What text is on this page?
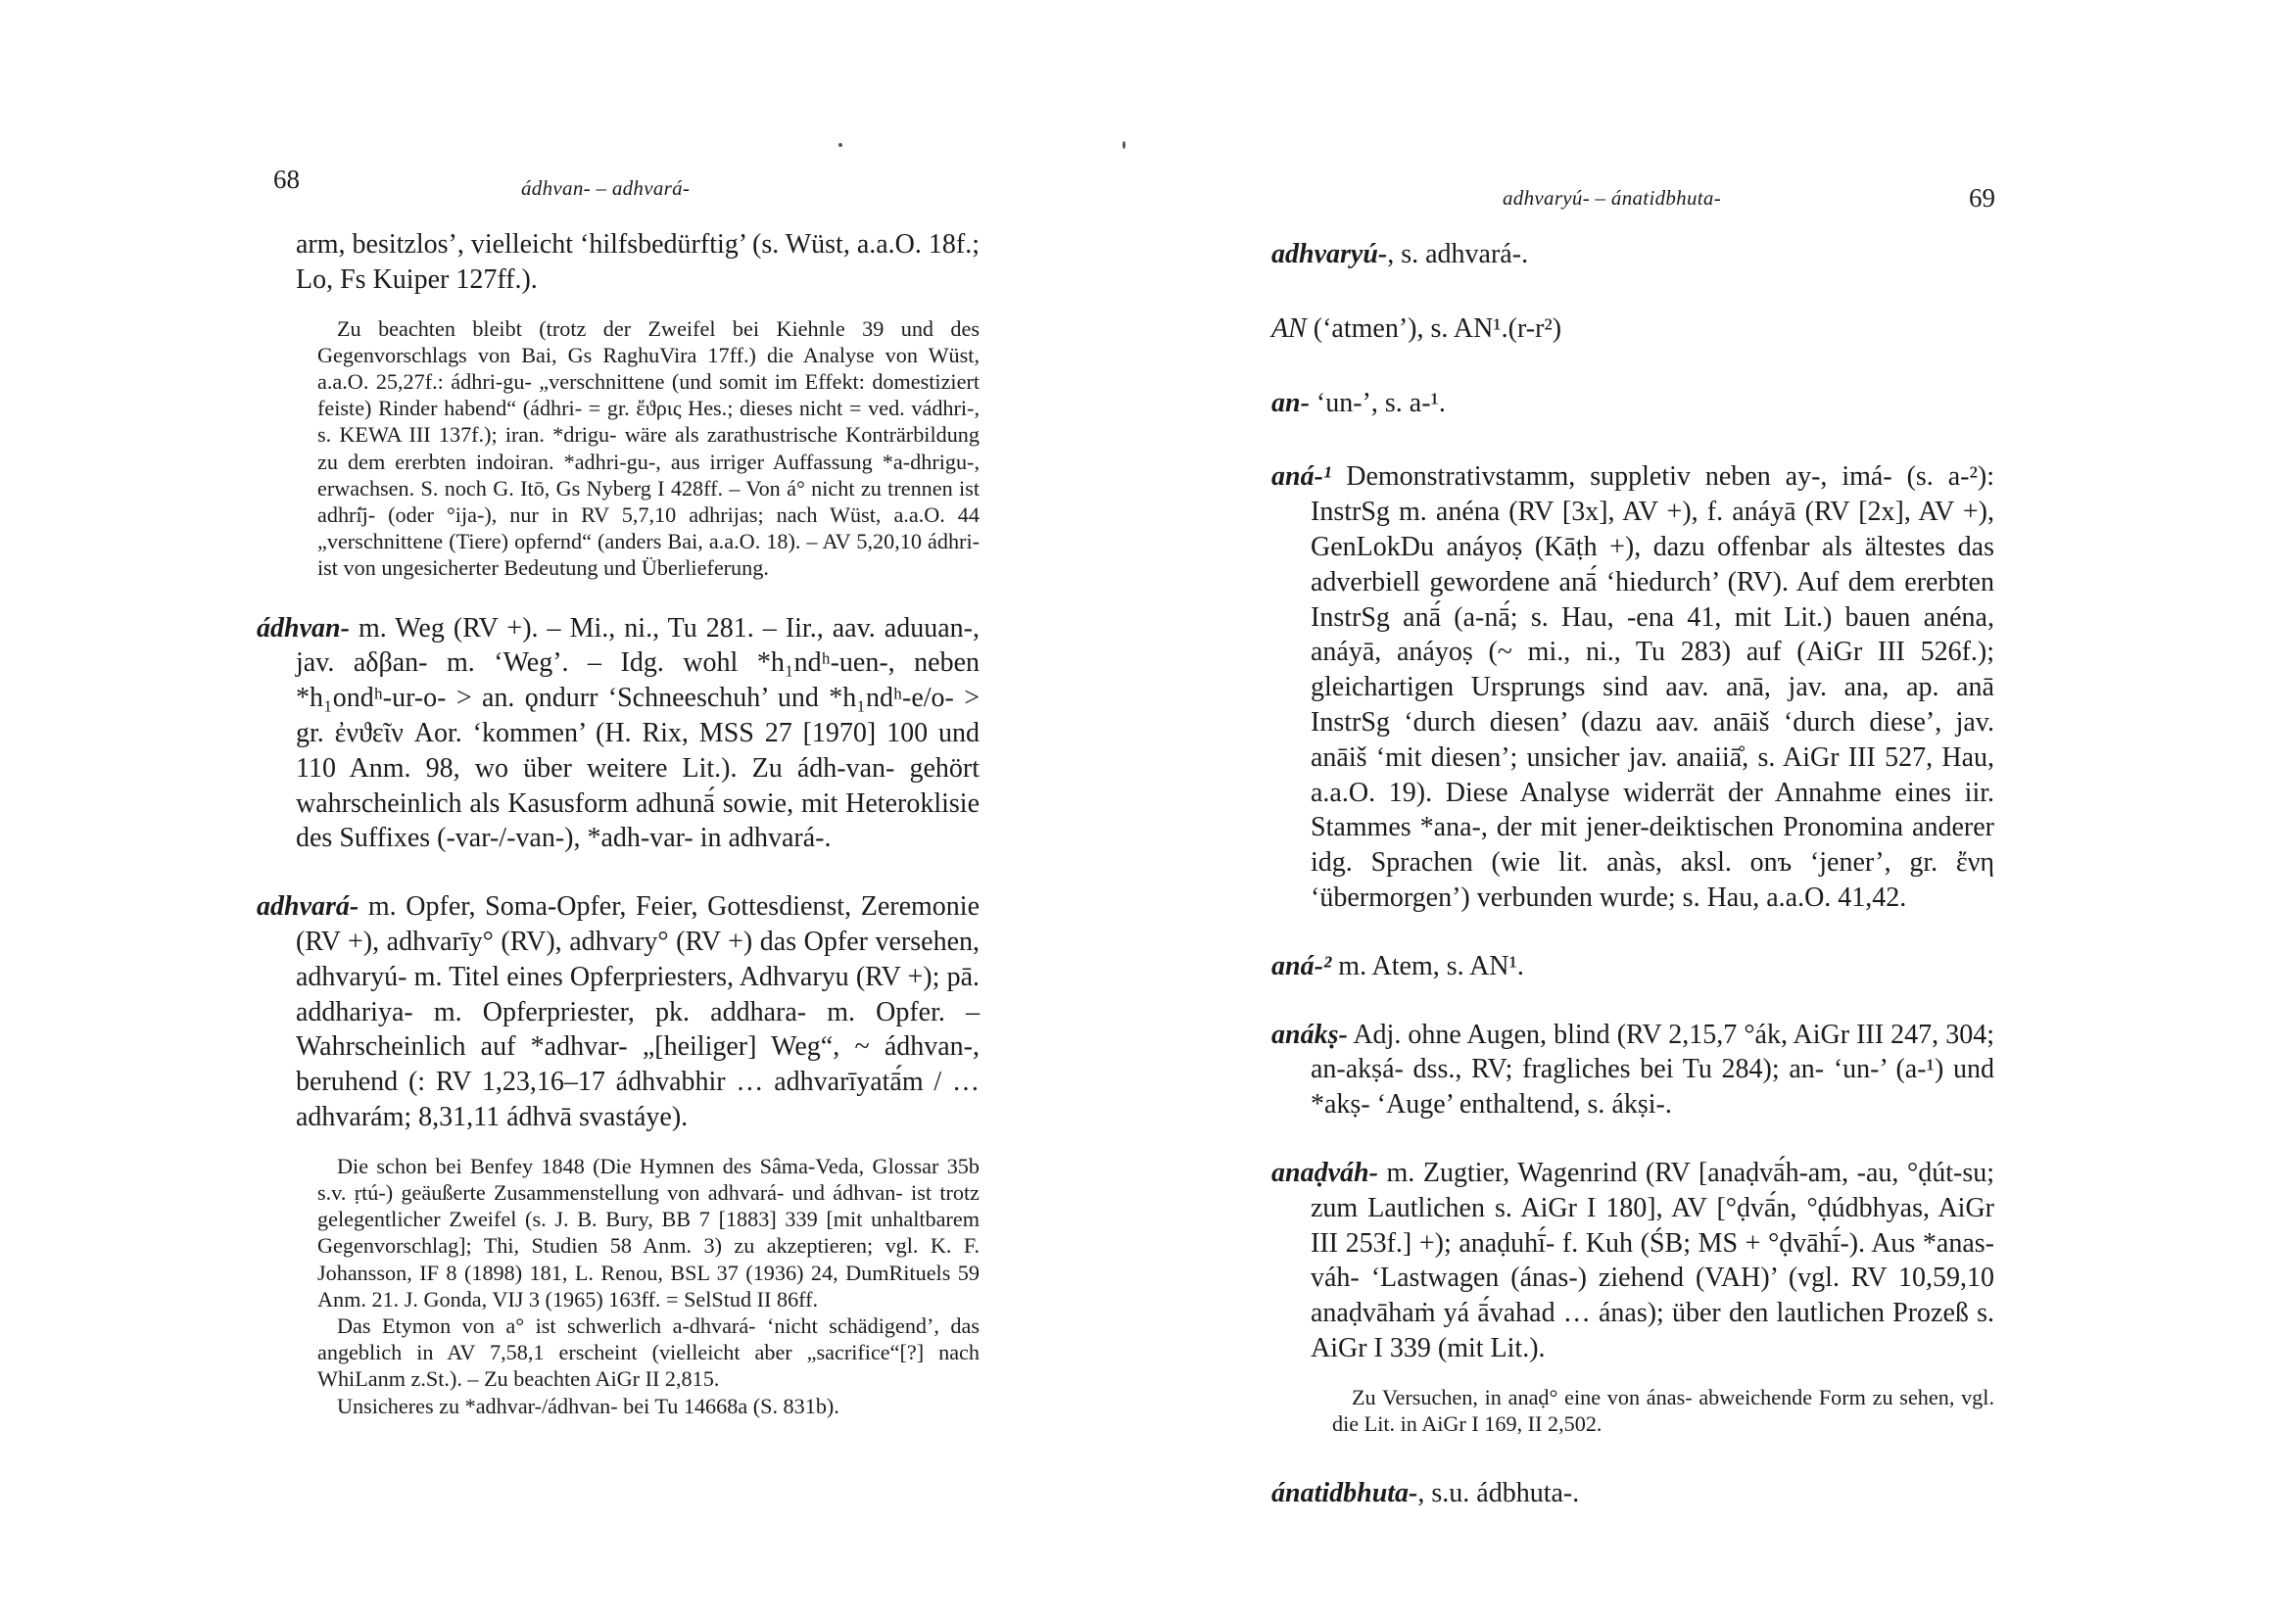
68	ádhvan- – adhvará-

arm, besitzlos’, vielleicht ‘hilfsbedürftig’ (s. Wüst, a.a.O. 18f.; Lo, Fs Kuiper 127ff.).

Zu beachten bleibt (trotz der Zweifel bei Kiehnle 39 und des Gegenvorschlags von Bai, Gs RaghuVira 17ff.) die Analyse von Wüst, a.a.O. 25,27f.: ádhri-gu- „verschnittene (und somit im Effekt: domestiziert feiste) Rinder habend“ (ádhri- = gr. ἔϑρις Hes.; dieses nicht = ved. vádhri-, s. KEWA III 137f.); iran. *drigu- wäre als zarathustrische Konträrbildung zu dem ererbten indoiran. *adhri-gu-, aus irriger Auffassung *a-dhrigu-, erwachsen. S. noch G. Itō, Gs Nyberg I 428ff. – Von á° nicht zu trennen ist adhrí̄j- (oder °ija-), nur in RV 5,7,10 adhrijas; nach Wüst, a.a.O. 44 „verschnittene (Tiere) opfernd“ (anders Bai, a.a.O. 18). – AV 5,20,10 ádhri- ist von ungesicherter Bedeutung und Überlieferung.

ádhvan- m. Weg (RV +). – Mi., ni., Tu 281. – Iir., aav. aduuan-, jav. aδβan- m. ‘Weg’. – Idg. wohl *h₁ndʰ-uen-, neben *h₁ondʰ-ur-o- > an. ǫndurr ‘Schneeschuh’ und *h₁ndʰ-e/o- > gr. ἐνϑεῖν Aor. ‘kommen’ (H. Rix, MSS 27 [1970] 100 und 110 Anm. 98, wo über weitere Lit.). Zu ádh-van- gehört wahrscheinlich als Kasusform adhunā́ sowie, mit Heteroklisie des Suffixes (-var-/-van-), *adh-var- in adhvará-.

adhvará- m. Opfer, Soma-Opfer, Feier, Gottesdienst, Zeremonie (RV +), adhvarīy° (RV), adhvary° (RV +) das Opfer versehen, adhvaryú- m. Titel eines Opferpriesters, Adhvaryu (RV +); pā. addhariya- m. Opferpriester, pk. addhara- m. Opfer. – Wahrscheinlich auf *adhvar- „[heiliger] Weg“, ~ ádhvan-, beruhend (: RV 1,23,16–17 ádhvabhir … adhvarīyatā́m / … adhvarám; 8,31,11 ádhvā svastáye).

Die schon bei Benfey 1848 (Die Hymnen des Sâma-Veda, Glossar 35b s.v. ṛtú-) geäußerte Zusammenstellung von adhvará- und ádhvan- ist trotz gelegentlicher Zweifel (s. J. B. Bury, BB 7 [1883] 339 [mit unhaltbarem Gegenvorschlag]; Thi, Studien 58 Anm. 3) zu akzeptieren; vgl. K. F. Johansson, IF 8 (1898) 181, L. Renou, BSL 37 (1936) 24, DumRituels 59 Anm. 21. J. Gonda, VIJ 3 (1965) 163ff. = SelStud II 86ff.

Das Etymon von a° ist schwerlich a-dhvará- ‘nicht schädigend’, das angeblich in AV 7,58,1 erscheint (vielleicht aber „sacrifice“[?] nach WhiLanm z.St.). – Zu beachten AiGr II 2,815.

Unsicheres zu *adhvar-/ádhvan- bei Tu 14668a (S. 831b).

69
adhvaryú- – ánatidbhuta-

adhvaryú-, s. adhvará-.

AN (‘atmen’), s. AN¹.(r-r²)

an- ‘un-’, s. a-¹.

aná-¹ Demonstrativstamm, suppletiv neben ay-, imá- (s. a-²): InstrSg m. anéna (RV [3x], AV +), f. anáyā (RV [2x], AV +), GenLokDu anáyoṣ (Kāṭh +), dazu offenbar als ältestes das adverbiell gewordene anā́ ‘hiedurch’ (RV). Auf dem ererbten InstrSg anā́ (a-nā́; s. Hau, -ena 41, mit Lit.) bauen anéna, anáyā, anáyoṣ (~ mi., ni., Tu 283) auf (AiGr III 526f.); gleichartigen Ursprungs sind aav. anā, jav. ana, ap. anā InstrSg ‘durch diesen’ (dazu aav. anāiš ‘durch diese’, jav. anāiš ‘mit diesen’; unsicher jav. anaiiā̊, s. AiGr III 527, Hau, a.a.O. 19). Diese Analyse widerrät der Annahme eines iir. Stammes *ana-, der mit jener-deiktischen Pronomina anderer idg. Sprachen (wie lit. anàs, aksl. onъ ‘jener’, gr. ἔνη ‘übermorgen’) verbunden wurde; s. Hau, a.a.O. 41,42.

aná-² m. Atem, s. AN¹.

anákṣ- Adj. ohne Augen, blind (RV 2,15,7 °ák, AiGr III 247, 304; an-akṣá- dss., RV; fragliches bei Tu 284); an- ‘un-’ (a-¹) und *akṣ- ‘Auge’ enthaltend, s. ákṣi-.

anaḍváh- m. Zugtier, Wagenrind (RV [anaḍvā́h-am, -au, °ḍút-su; zum Lautlichen s. AiGr I 180], AV [°ḍvā́n, °ḍúdbhyas, AiGr III 253f.] +); anaḍuhī́- f. Kuh (ŚB; MS + °ḍvāhī́-). Aus *anas-váh- ‘Lastwagen (ánas-) ziehend (VAH)’ (vgl. RV 10,59,10 anaḍvāhaṁ yá ā́vahad … ánas); über den lautlichen Prozeß s. AiGr I 339 (mit Lit.).

Zu Versuchen, in anaḍ° eine von ánas- abweichende Form zu sehen, vgl. die Lit. in AiGr I 169, II 2,502.

ánatidbhuta-, s.u. ádbhuta-.
